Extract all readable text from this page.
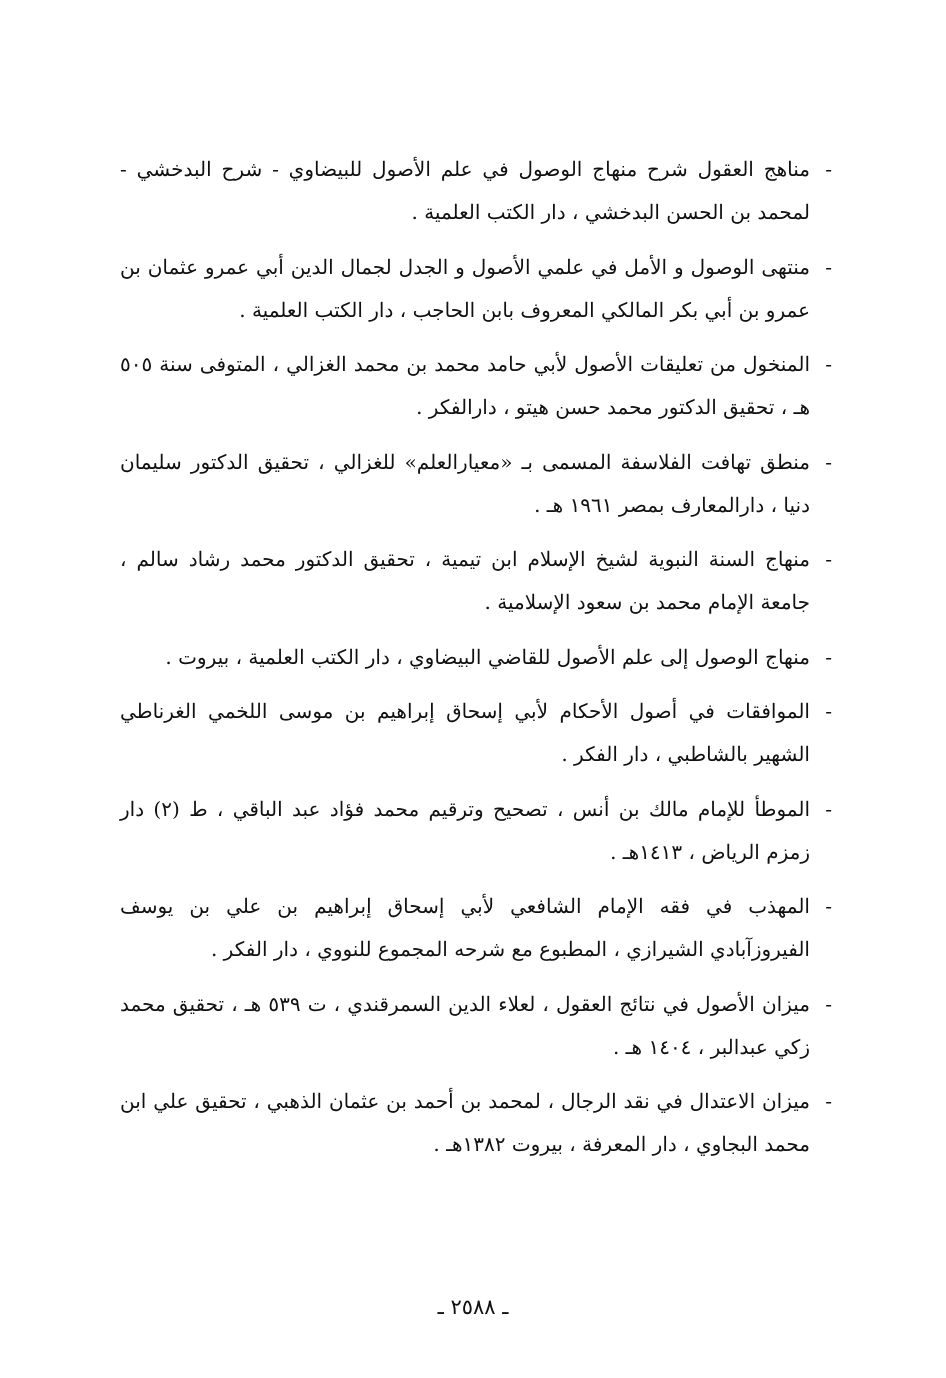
-
مناهج العقول شرح منهاج الوصول في علم الأصول للبيضاوي - شرح البدخشي - لمحمد بن الحسن البدخشي ، دار الكتب العلمية .
-
منتهى الوصول و الأمل في علمي الأصول و الجدل لجمال الدين أبي عمرو عثمان بن عمرو بن أبي بكر المالكي المعروف بابن الحاجب ، دار الكتب العلمية .
-
المنخول من تعليقات الأصول لأبي حامد محمد بن محمد الغزالي ، المتوفى سنة ٥٠٥ هـ ، تحقيق الدكتور محمد حسن هيتو ، دارالفكر .
-
منطق تهافت الفلاسفة المسمى بـ «معيارالعلم» للغزالي ، تحقيق الدكتور سليمان دنيا ، دارالمعارف بمصر ١٩٦١ هـ .
-
منهاج السنة النبوية لشيخ الإسلام ابن تيمية ، تحقيق الدكتور محمد رشاد سالم ، جامعة الإمام محمد بن سعود الإسلامية .
-
منهاج الوصول إلى علم الأصول للقاضي البيضاوي ، دار الكتب العلمية ، بيروت .
-
الموافقات في أصول الأحكام لأبي إسحاق إبراهيم بن موسى اللخمي الغرناطي الشهير بالشاطبي ، دار الفكر .
-
الموطأ للإمام مالك بن أنس ، تصحيح وترقيم محمد فؤاد عبد الباقي ، ط (٢) دار زمزم الرياض ، ١٤١٣هـ .
-
المهذب في فقه الإمام الشافعي لأبي إسحاق إبراهيم بن علي بن يوسف الفيروزآبادي الشيرازي ، المطبوع مع شرحه المجموع للنووي ، دار الفكر .
-
ميزان الأصول في نتائج العقول ، لعلاء الدين السمرقندي ، ت ٥٣٩ هـ ، تحقيق محمد زكي عبدالبر ، ١٤٠٤ هـ .
-
ميزان الاعتدال في نقد الرجال ، لمحمد بن أحمد بن عثمان الذهبي ، تحقيق علي ابن محمد البجاوي ، دار المعرفة ، بيروت ١٣٨٢هـ .
ـ ٢٥٨٨ ـ
